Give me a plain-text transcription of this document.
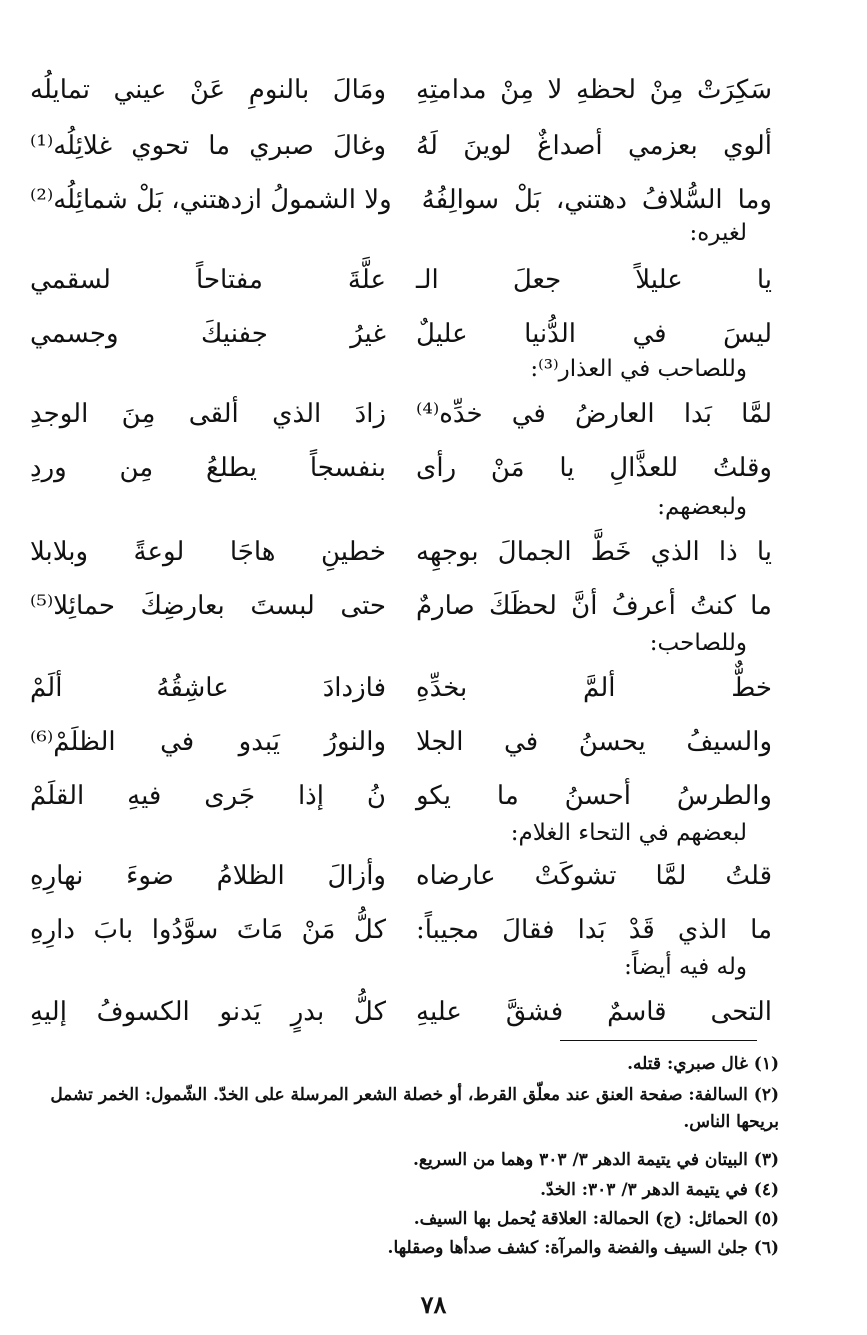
سَكِرَتْ مِنْ لحظهِ لا مِنْ مدامتِهِ
ومَالَ بالنومِ عَنْ عيني تمايلُه
ألوي بعزمي أصداغٌ لوينَ لَهُ
وغالَ صبري ما تحوي غلائِلُه⁽¹⁾
وما السُّلافُ دهتني، بَلْ سوالِفُهُ
ولا الشمولُ ازدهتني، بَلْ شمائِلُه⁽²⁾
لغيره:
يا عليلاً جعلَ الـ
علَّةَ مفتاحاً لسقمي
ليسَ في الدُّنيا عليلٌ
غيرُ جفنيكَ وجسمي
وللصاحب في العذار⁽³⁾:
لمَّا بَدا العارضُ في خدِّه⁽⁴⁾
زادَ الذي ألقى مِنَ الوجدِ
وقلتُ للعذَّالِ يا مَنْ رأى
بنفسجاً يطلعُ مِن وردِ
ولبعضهم:
يا ذا الذي خَطَّ الجمالَ بوجهِه
خطينِ هاجَا لوعةً وبلابلا
ما كنتُ أعرفُ أنَّ لحظَكَ صارمٌ
حتى لبستَ بعارضِكَ حمائِلا⁽⁵⁾
وللصاحب:
خطٌّ ألمَّ بخدِّهِ
فازدادَ عاشِقُهُ ألَمْ
والسيفُ يحسنُ في الجلا
والنورُ يَبدو في الظلَمْ⁽⁶⁾
والطرسُ أحسنُ ما يكو
نُ إذا جَرى فيهِ القلَمْ
لبعضهم في التحاء الغلام:
قلتُ لمَّا تشوكَتْ عارضاه
وأزالَ الظلامُ ضوءَ نهارِهِ
ما الذي قَدْ بَدا فقالَ مجيباً:
كلُّ مَنْ مَاتَ سوَّدُوا بابَ دارِهِ
وله فيه أيضاً:
التحى قاسمٌ فشقَّ عليهِ
كلُّ بدرٍ يَدنو الكسوفُ إليهِ
(١) غال صبري: قتله.
(٢) السالفة: صفحة العنق عند معلّق القرط، أو خصلة الشعر المرسلة على الخدّ. الشّمول: الخمر تشمل بريحها الناس.
(٣) البيتان في يتيمة الدهر ٣/ ٣٠٣ وهما من السريع.
(٤) في يتيمة الدهر ٣/ ٣٠٣: الخدّ.
(٥) الحمائل: (ج) الحمالة: العلاقة يُحمل بها السيف.
(٦) جلىٰ السيف والفضة والمرآة: كشف صدأها وصقلها.
٧٨
